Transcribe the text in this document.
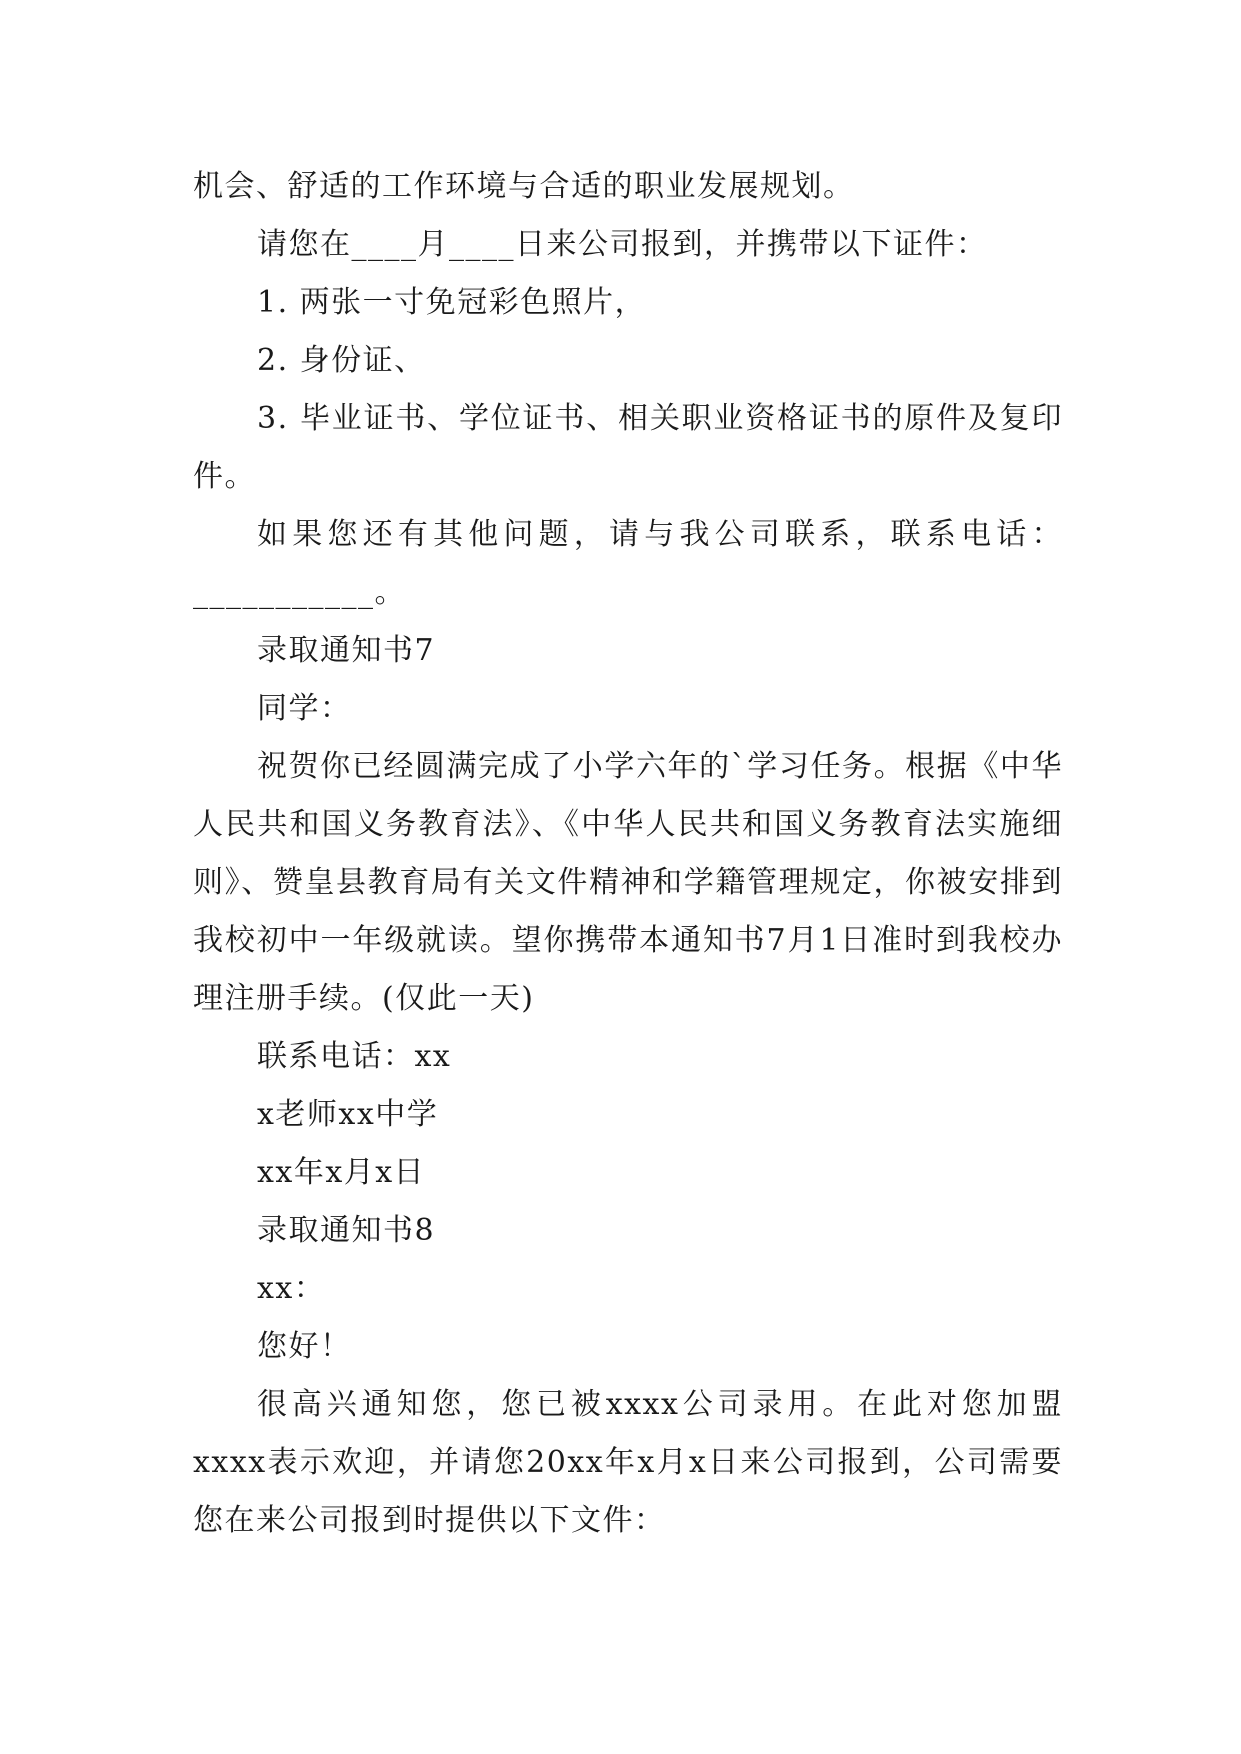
机会、舒适的工作环境与合适的职业发展规划。
请您在____月____日来公司报到，并携带以下证件：
1. 两张一寸免冠彩色照片，
2. 身份证、
3. 毕业证书、学位证书、相关职业资格证书的原件及复印件。
如果您还有其他问题，请与我公司联系，联系电话：___________。
录取通知书7
同学：
祝贺你已经圆满完成了小学六年的`学习任务。根据《中华人民共和国义务教育法》、《中华人民共和国义务教育法实施细则》、赞皇县教育局有关文件精神和学籍管理规定，你被安排到我校初中一年级就读。望你携带本通知书7月1日准时到我校办理注册手续。(仅此一天)
联系电话：xx
x老师xx中学
xx年x月x日
录取通知书8
xx：
您好！
很高兴通知您，您已被xxxx公司录用。在此对您加盟xxxx表示欢迎，并请您20xx年x月x日来公司报到，公司需要您在来公司报到时提供以下文件：
